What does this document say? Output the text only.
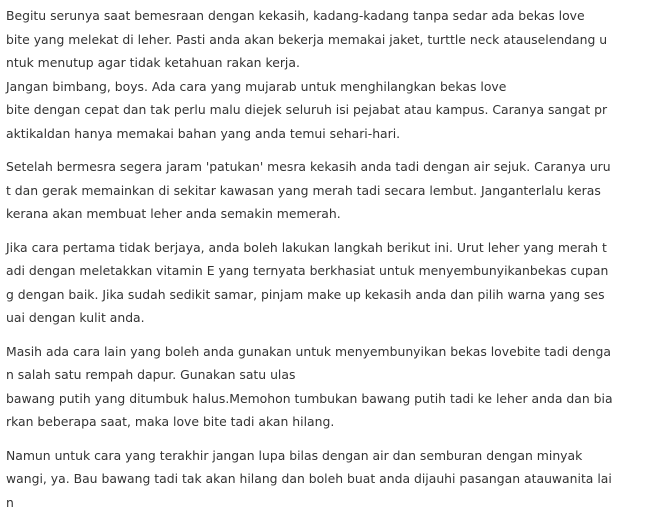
Begitu serunya saat bemesraan dengan kekasih, kadang-kadang tanpa sedar ada bekas love
bite yang melekat di leher. Pasti anda akan bekerja memakai jaket, turttle neck atauselendang u
ntuk menutup agar tidak ketahuan rakan kerja.
Jangan bimbang, boys. Ada cara yang mujarab untuk menghilangkan bekas love
bite dengan cepat dan tak perlu malu diejek seluruh isi pejabat atau kampus. Caranya sangat pr
aktikaldan hanya memakai bahan yang anda temui sehari-hari.
Setelah bermesra segera jaram 'patukan' mesra kekasih anda tadi dengan air sejuk. Caranya uru
t dan gerak memainkan di sekitar kawasan yang merah tadi secara lembut. Janganterlalu keras
kerana akan membuat leher anda semakin memerah.
Jika cara pertama tidak berjaya, anda boleh lakukan langkah berikut ini. Urut leher yang merah t
adi dengan meletakkan vitamin E yang ternyata berkhasiat untuk menyembunyikanbekas cupan
g dengan baik. Jika sudah sedikit samar, pinjam make up kekasih anda dan pilih warna yang ses
uai dengan kulit anda.
Masih ada cara lain yang boleh anda gunakan untuk menyembunyikan bekas lovebite tadi denga
n salah satu rempah dapur. Gunakan satu ulas
bawang putih yang ditumbuk halus.Memohon tumbukan bawang putih tadi ke leher anda dan bia
rkan beberapa saat, maka love bite tadi akan hilang.
Namun untuk cara yang terakhir jangan lupa bilas dengan air dan semburan dengan minyak
wangi, ya. Bau bawang tadi tak akan hilang dan boleh buat anda dijauhi pasangan atauwanita lai
n
